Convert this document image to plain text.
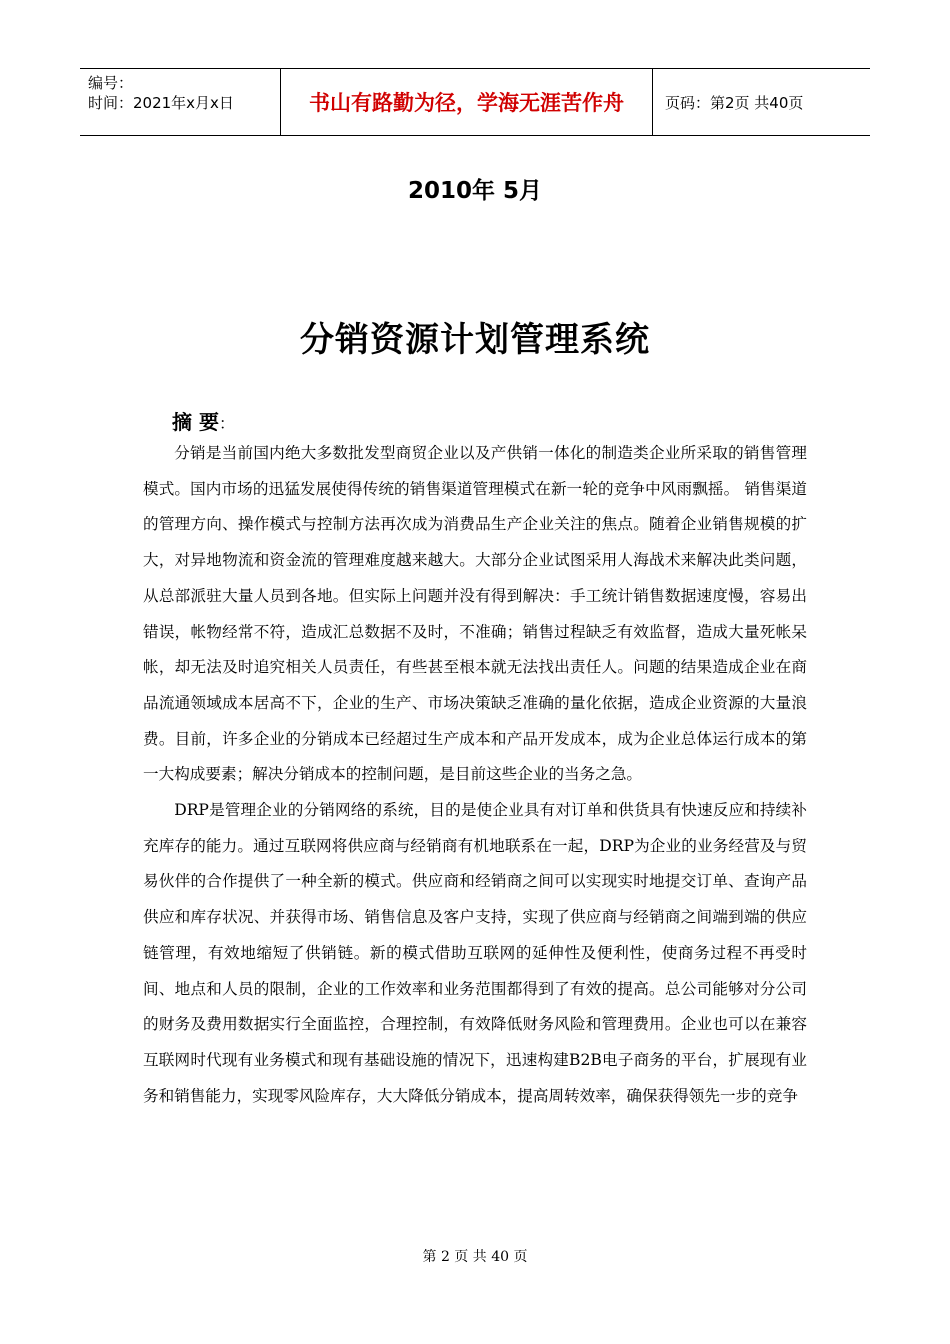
编号：
时间：2021年x月x日	书山有路勤为径，学海无涯苦作舟	页码：第2页 共40页
2010年 5月
分销资源计划管理系统
摘 要：

分销是当前国内绝大多数批发型商贸企业以及产供销一体化的制造类企业所采取的销售管理模式。国内市场的迅猛发展使得传统的销售渠道管理模式在新一轮的竞争中风雨飘摇。 销售渠道的管理方向、操作模式与控制方法再次成为消费品生产企业关注的焦点。随着企业销售规模的扩大，对异地物流和资金流的管理难度越来越大。大部分企业试图采用人海战术来解决此类问题，从总部派驻大量人员到各地。但实际上问题并没有得到解决：手工统计销售数据速度慢，容易出错误，帐物经常不符，造成汇总数据不及时，不准确；销售过程缺乏有效监督，造成大量死帐呆帐，却无法及时追究相关人员责任，有些甚至根本就无法找出责任人。问题的结果造成企业在商品流通领域成本居高不下，企业的生产、市场决策缺乏准确的量化依据，造成企业资源的大量浪费。目前，许多企业的分销成本已经超过生产成本和产品开发成本，成为企业总体运行成本的第一大构成要素；解决分销成本的控制问题，是目前这些企业的当务之急。

DRP是管理企业的分销网络的系统，目的是使企业具有对订单和供货具有快速反应和持续补充库存的能力。通过互联网将供应商与经销商有机地联系在一起，DRP为企业的业务经营及与贸易伙伴的合作提供了一种全新的模式。供应商和经销商之间可以实现实时地提交订单、查询产品供应和库存状况、并获得市场、销售信息及客户支持，实现了供应商与经销商之间端到端的供应链管理，有效地缩短了供销链。新的模式借助互联网的延伸性及便利性，使商务过程不再受时间、地点和人员的限制，企业的工作效率和业务范围都得到了有效的提高。总公司能够对分公司的财务及费用数据实行全面监控，合理控制，有效降低财务风险和管理费用。企业也可以在兼容互联网时代现有业务模式和现有基础设施的情况下，迅速构建B2B电子商务的平台，扩展现有业务和销售能力，实现零风险库存，大大降低分销成本，提高周转效率，确保获得领先一步的竞争

第 2 页 共 40 页
